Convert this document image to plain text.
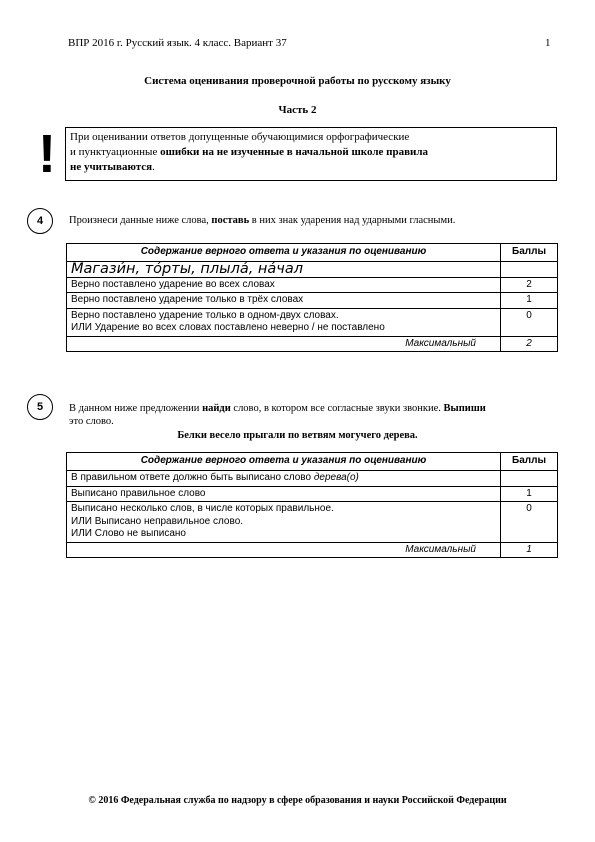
ВПР 2016 г. Русский язык. 4 класс. Вариант 37	1
Система оценивания проверочной работы по русскому языку
Часть 2
! При оценивании ответов допущенные обучающимися орфографические
и пунктуационные ошибки на не изученные в начальной школе правила
не учитываются.
4	Произнеси данные ниже слова, поставь в них знак ударения над ударными гласными.
Содержание верного ответа и указания по оцениванию	Баллы
Магази́н, то́рты, плыла́, на́чал	
Верно поставлено ударение во всех словах	2
Верно поставлено ударение только в трёх словах	1

Верно поставлено ударение только в одном-двух словах.
ИЛИ Ударение во всех словах поставлено неверно / не поставлено	0
Максимальный	2
5	В данном ниже предложении найди слово, в котором все согласные звуки звонкие. Выпиши
это слово.
Белки весело прыгали по ветвям могучего дерева.
Содержание верного ответа и указания по оцениванию	Баллы
В правильном ответе должно быть выписано слово дерева(о)	
Выписано правильное слово	1

Выписано несколько слов, в числе которых правильное.
ИЛИ Выписано неправильное слово.
ИЛИ Слово не выписано	0
Максимальный	1
© 2016 Федеральная служба по надзору в сфере образования и науки Российской Федерации
